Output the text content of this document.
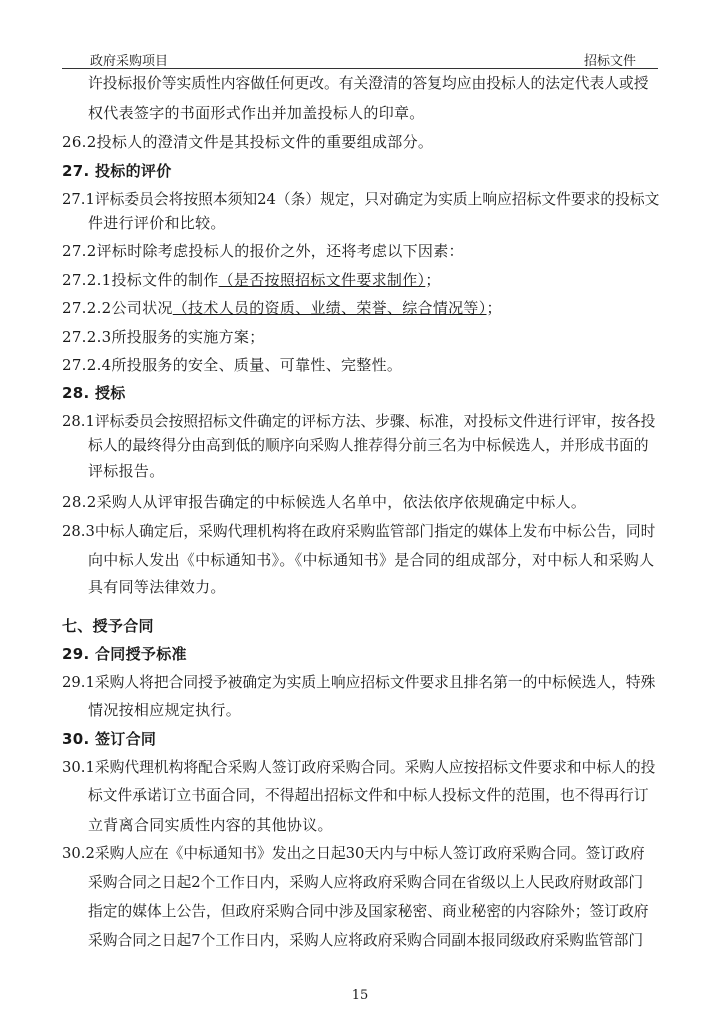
政府采购项目	招标文件
许投标报价等实质性内容做任何更改。有关澄清的答复均应由投标人的法定代表人或授
权代表签字的书面形式作出并加盖投标人的印章。
26.2投标人的澄清文件是其投标文件的重要组成部分。
27. 投标的评价
27.1评标委员会将按照本须知24（条）规定，只对确定为实质上响应招标文件要求的投标文
件进行评价和比较。
27.2评标时除考虑投标人的报价之外，还将考虑以下因素：
27.2.1投标文件的制作（是否按照招标文件要求制作）；
27.2.2公司状况（技术人员的资质、业绩、荣誉、综合情况等）；
27.2.3所投服务的实施方案；
27.2.4所投服务的安全、质量、可靠性、完整性。
28. 授标
28.1评标委员会按照招标文件确定的评标方法、步骤、标准，对投标文件进行评审，按各投
标人的最终得分由高到低的顺序向采购人推荐得分前三名为中标候选人，并形成书面的
评标报告。
28.2采购人从评审报告确定的中标候选人名单中，依法依序依规确定中标人。
28.3中标人确定后，采购代理机构将在政府采购监管部门指定的媒体上发布中标公告，同时
向中标人发出《中标通知书》。《中标通知书》是合同的组成部分，对中标人和采购人
具有同等法律效力。
七、授予合同
29. 合同授予标准
29.1采购人将把合同授予被确定为实质上响应招标文件要求且排名第一的中标候选人，特殊
情况按相应规定执行。
30. 签订合同
30.1采购代理机构将配合采购人签订政府采购合同。采购人应按招标文件要求和中标人的投
标文件承诺订立书面合同，不得超出招标文件和中标人投标文件的范围，也不得再行订
立背离合同实质性内容的其他协议。
30.2采购人应在《中标通知书》发出之日起30天内与中标人签订政府采购合同。签订政府
采购合同之日起2个工作日内，采购人应将政府采购合同在省级以上人民政府财政部门
指定的媒体上公告，但政府采购合同中涉及国家秘密、商业秘密的内容除外；签订政府
采购合同之日起7个工作日内，采购人应将政府采购合同副本报同级政府采购监管部门
15
